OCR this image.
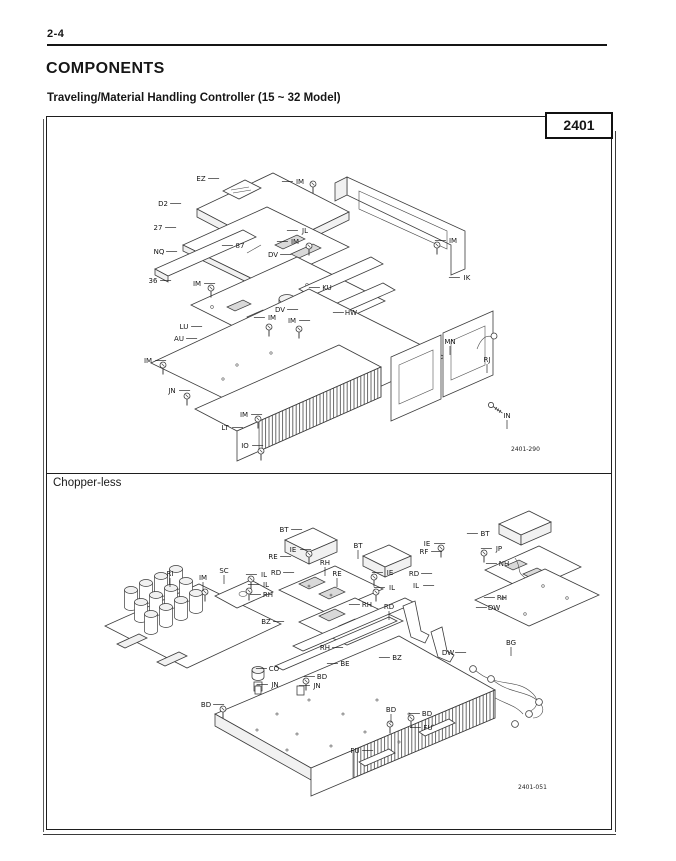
2-4
COMPONENTS
Traveling/Material Handling Controller (15 ~ 32 Model)
2401
2401-290
EZ	IM
D2
27
87
JL
IM
NQ	DV
KU
36	IM
DV	HW
IM IM
LU
AU
IM
JN
IM
LT
IO
MN
RJ
IN
IM
IK
Chopper-less
2401-051
BT
IE
RE
RD
RH
RE
BT
IE
IL
RH RD
RH
BZ
BE
IE
RF
BT
JP
NH
RD
IL
RH
DW
BG
DW
RI	IM
SC	IL
IL
RH
BZ
CO
JN
BD
BD
JN
BD	BD
FU
FU
